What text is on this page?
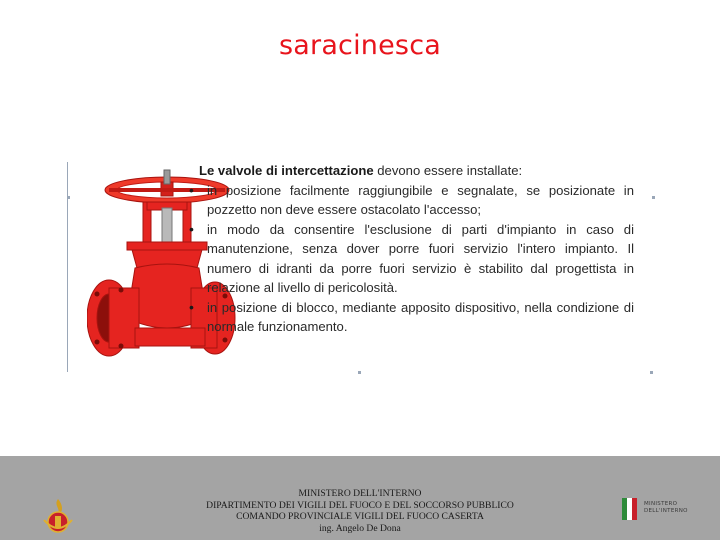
saracinesca
Le valvole di intercettazione devono essere installate:
• in posizione facilmente raggiungibile e segnalate, se posizionate in pozzetto non deve essere ostacolato l'accesso;
• in modo da consentire l'esclusione di parti d'impianto in caso di manutenzione, senza dover porre fuori servizio l'intero impianto. Il numero di idranti da porre fuori servizio è stabilito dal progettista in relazione al livello di pericolosità.
• in posizione di blocco, mediante apposito dispositivo, nella condizione di normale funzionamento.
MINISTERO DELL'INTERNO
DIPARTIMENTO DEI VIGILI DEL FUOCO E DEL SOCCORSO PUBBLICO
COMANDO PROVINCIALE VIGILI DEL FUOCO CASERTA
ing. Angelo De Dona
MINISTERO DELL'INTERNO
